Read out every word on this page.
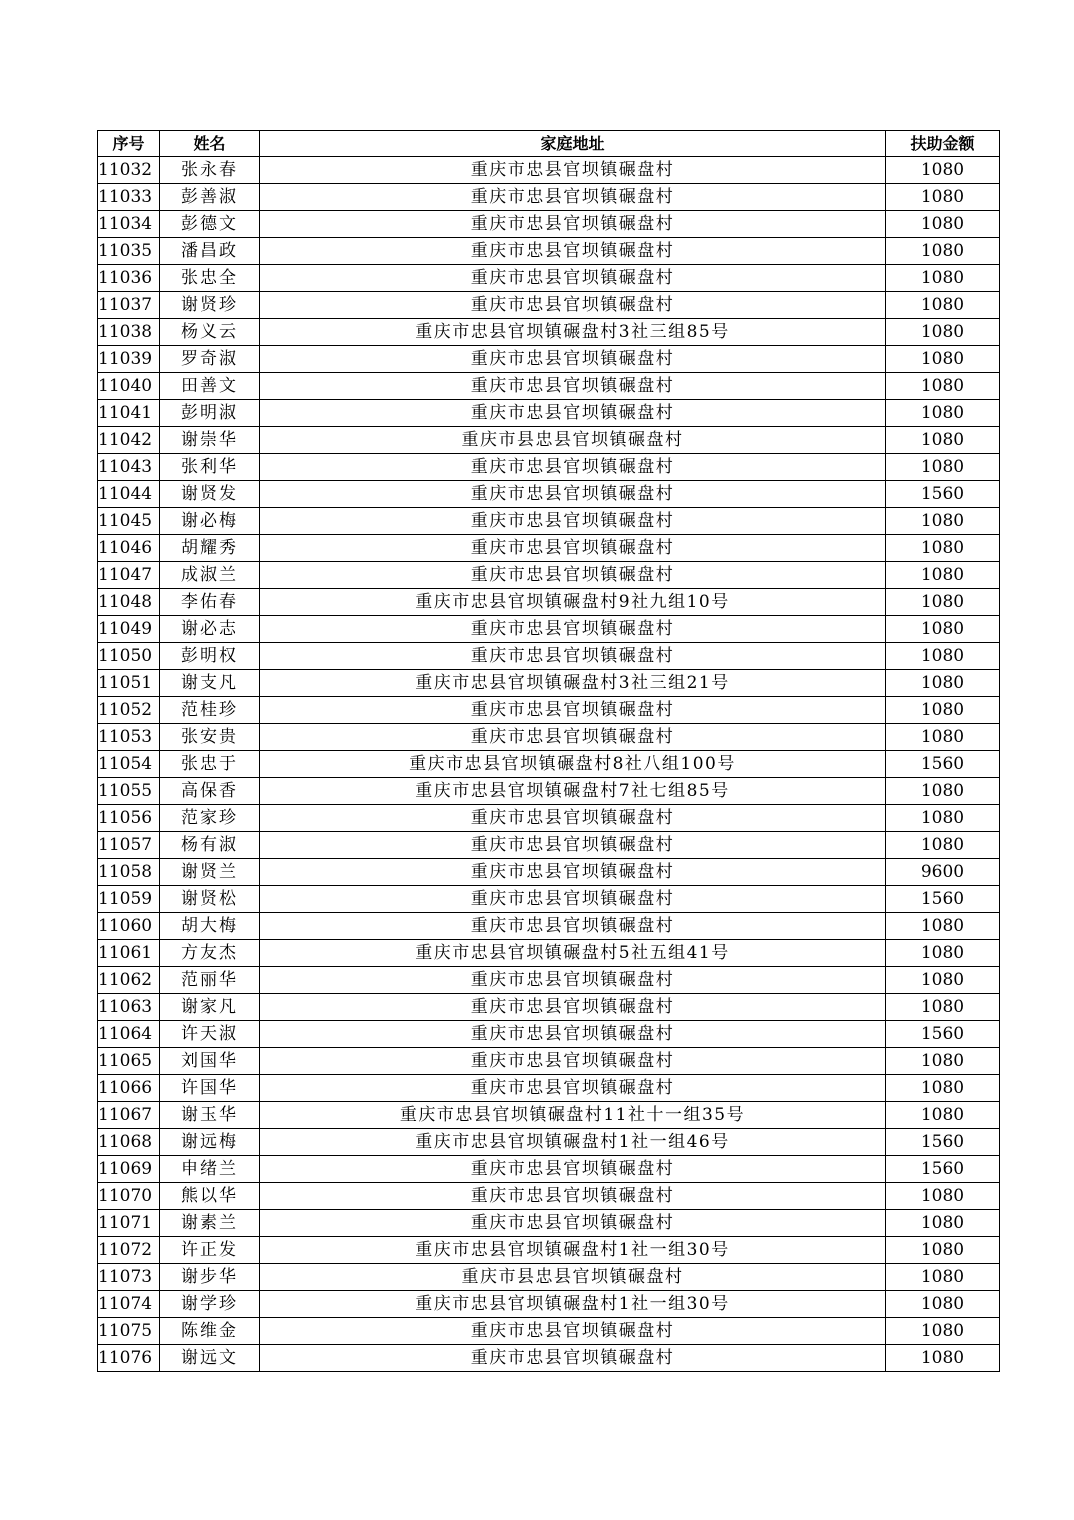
序号	姓名	家庭地址	扶助金额
11032	张永春	重庆市忠县官坝镇碾盘村	1080
11033	彭善淑	重庆市忠县官坝镇碾盘村	1080
11034	彭德文	重庆市忠县官坝镇碾盘村	1080
11035	潘昌政	重庆市忠县官坝镇碾盘村	1080
11036	张忠全	重庆市忠县官坝镇碾盘村	1080
11037	谢贤珍	重庆市忠县官坝镇碾盘村	1080
11038	杨义云	重庆市忠县官坝镇碾盘村3社三组85号	1080
11039	罗奇淑	重庆市忠县官坝镇碾盘村	1080
11040	田善文	重庆市忠县官坝镇碾盘村	1080
11041	彭明淑	重庆市忠县官坝镇碾盘村	1080
11042	谢崇华	重庆市县忠县官坝镇碾盘村	1080
11043	张利华	重庆市忠县官坝镇碾盘村	1080
11044	谢贤发	重庆市忠县官坝镇碾盘村	1560
11045	谢必梅	重庆市忠县官坝镇碾盘村	1080
11046	胡耀秀	重庆市忠县官坝镇碾盘村	1080
11047	成淑兰	重庆市忠县官坝镇碾盘村	1080
11048	李佑春	重庆市忠县官坝镇碾盘村9社九组10号	1080
11049	谢必志	重庆市忠县官坝镇碾盘村	1080
11050	彭明权	重庆市忠县官坝镇碾盘村	1080
11051	谢支凡	重庆市忠县官坝镇碾盘村3社三组21号	1080
11052	范桂珍	重庆市忠县官坝镇碾盘村	1080
11053	张安贵	重庆市忠县官坝镇碾盘村	1080
11054	张忠于	重庆市忠县官坝镇碾盘村8社八组100号	1560
11055	高保香	重庆市忠县官坝镇碾盘村7社七组85号	1080
11056	范家珍	重庆市忠县官坝镇碾盘村	1080
11057	杨有淑	重庆市忠县官坝镇碾盘村	1080
11058	谢贤兰	重庆市忠县官坝镇碾盘村	9600
11059	谢贤松	重庆市忠县官坝镇碾盘村	1560
11060	胡大梅	重庆市忠县官坝镇碾盘村	1080
11061	方友杰	重庆市忠县官坝镇碾盘村5社五组41号	1080
11062	范丽华	重庆市忠县官坝镇碾盘村	1080
11063	谢家凡	重庆市忠县官坝镇碾盘村	1080
11064	许天淑	重庆市忠县官坝镇碾盘村	1560
11065	刘国华	重庆市忠县官坝镇碾盘村	1080
11066	许国华	重庆市忠县官坝镇碾盘村	1080
11067	谢玉华	重庆市忠县官坝镇碾盘村11社十一组35号	1080
11068	谢远梅	重庆市忠县官坝镇碾盘村1社一组46号	1560
11069	申绪兰	重庆市忠县官坝镇碾盘村	1560
11070	熊以华	重庆市忠县官坝镇碾盘村	1080
11071	谢素兰	重庆市忠县官坝镇碾盘村	1080
11072	许正发	重庆市忠县官坝镇碾盘村1社一组30号	1080
11073	谢步华	重庆市县忠县官坝镇碾盘村	1080
11074	谢学珍	重庆市忠县官坝镇碾盘村1社一组30号	1080
11075	陈维金	重庆市忠县官坝镇碾盘村	1080
11076	谢远文	重庆市忠县官坝镇碾盘村	1080
